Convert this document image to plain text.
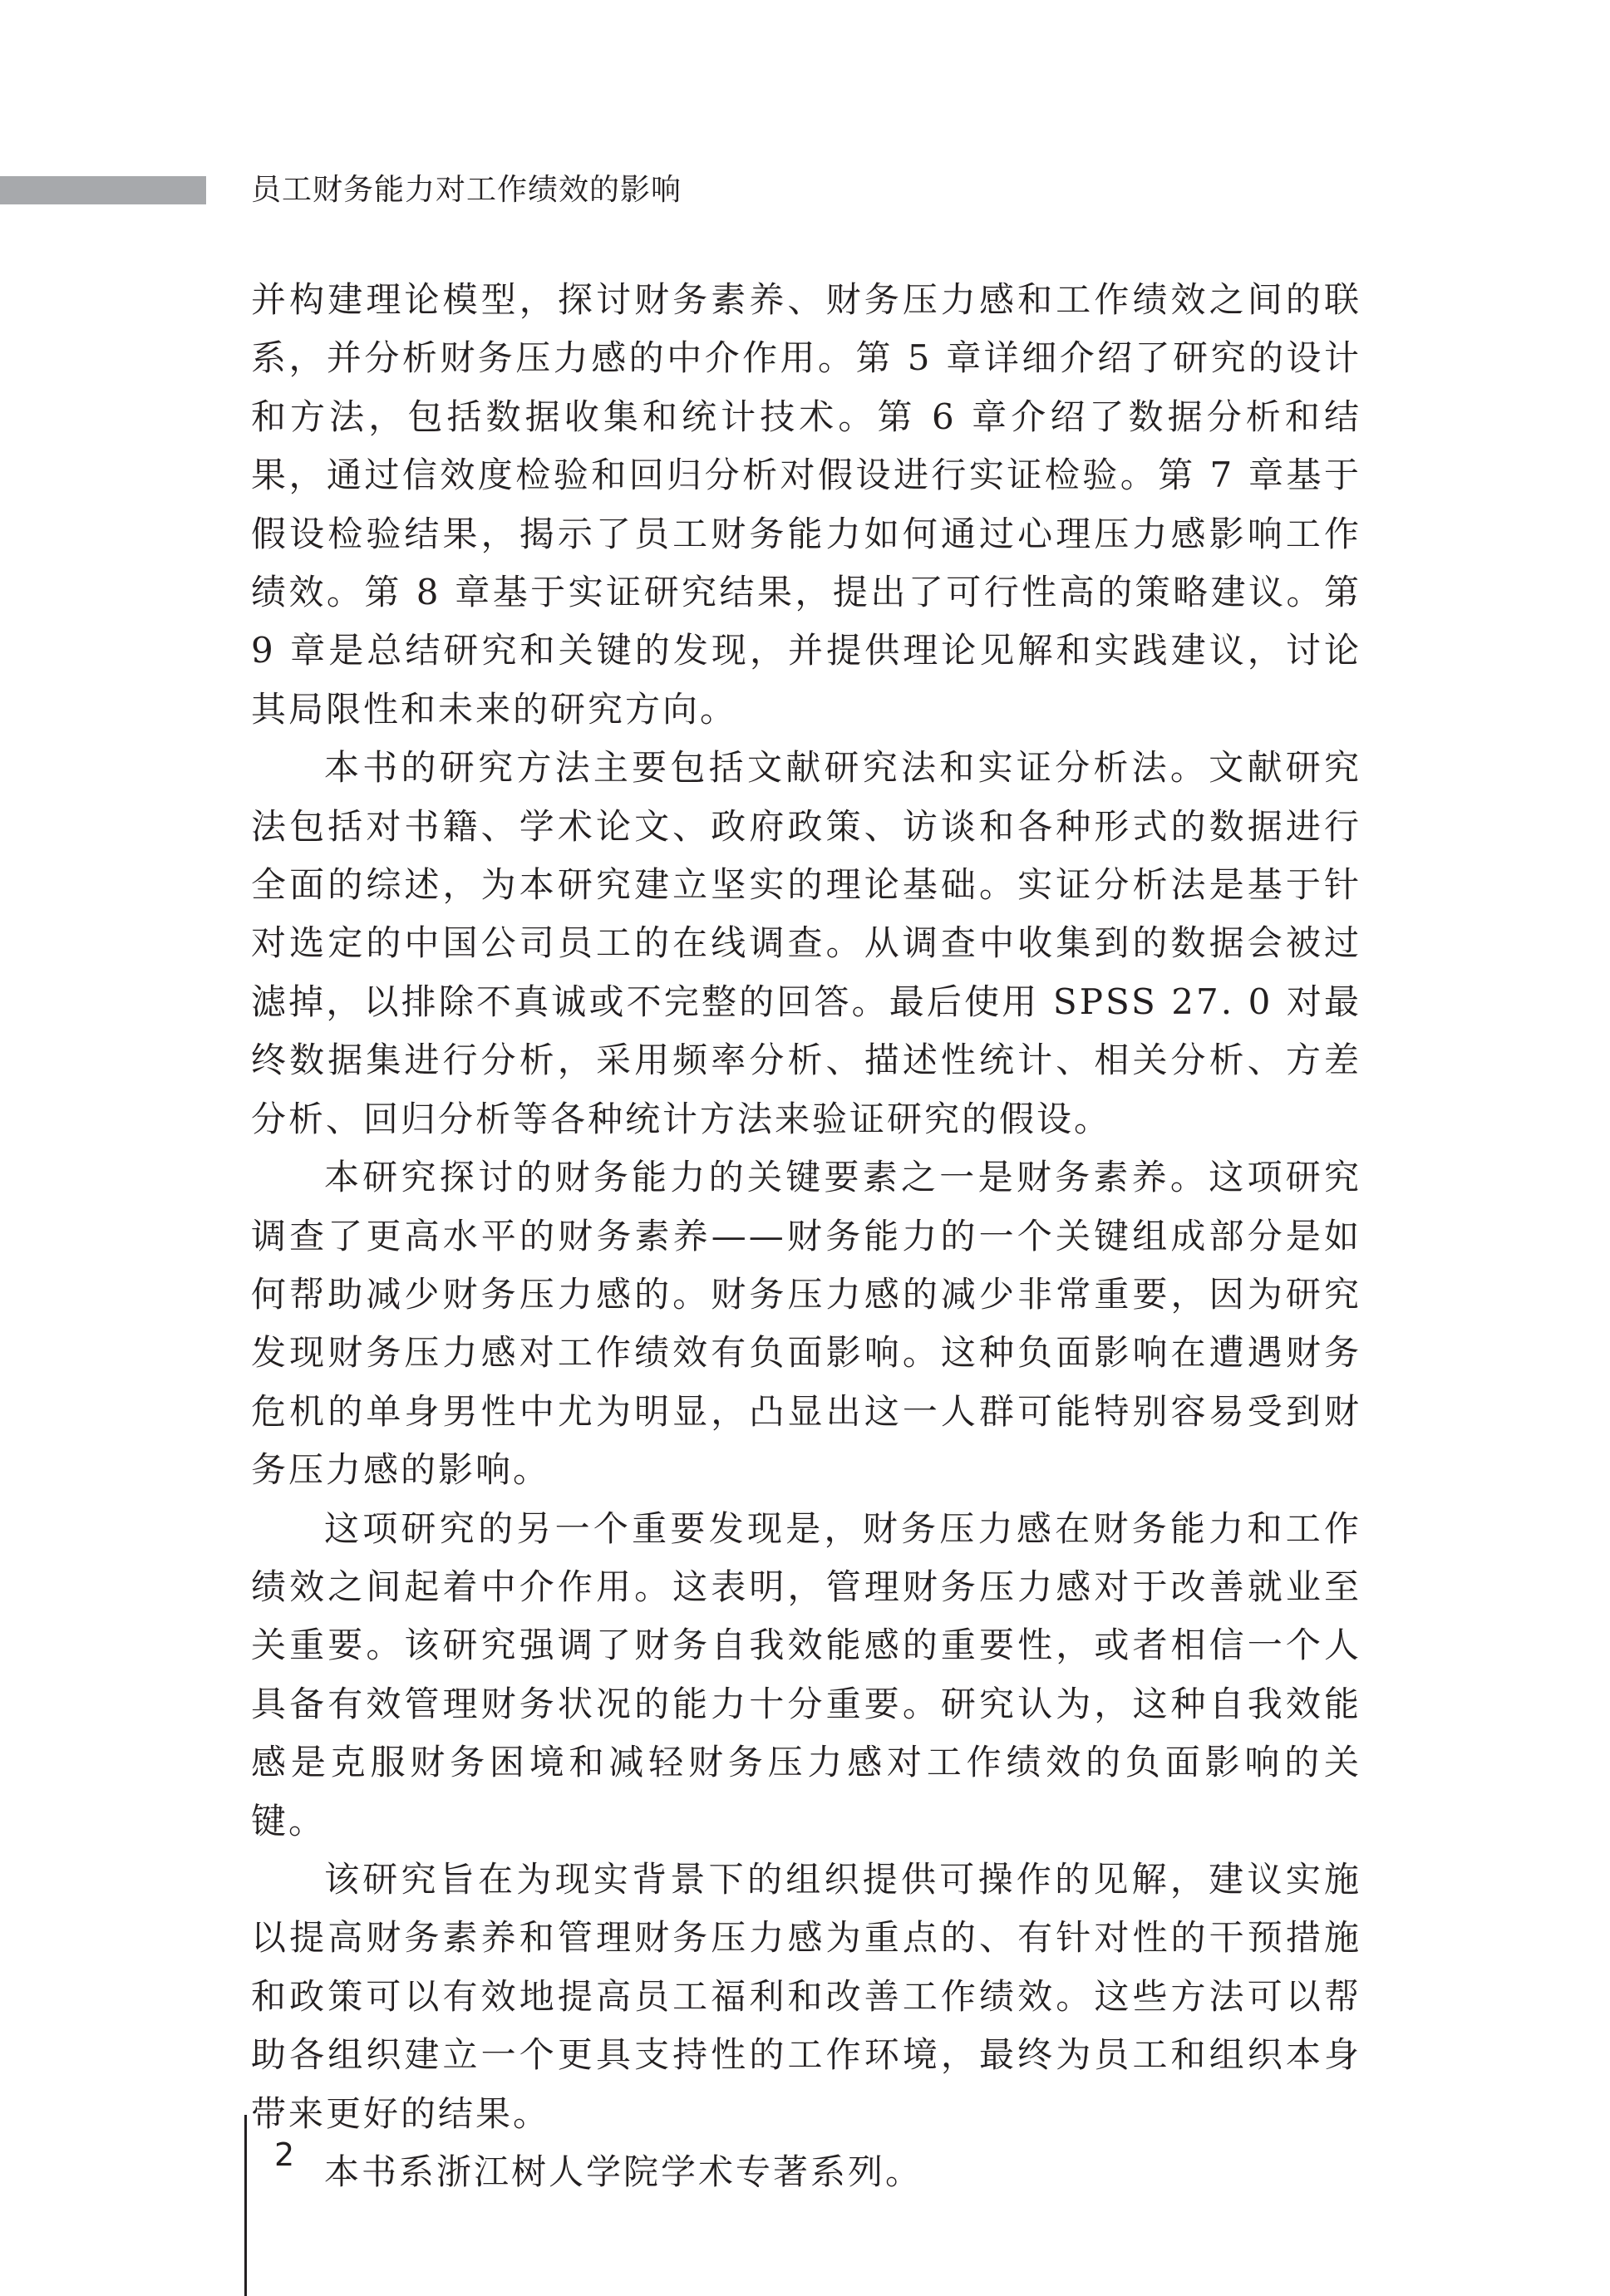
员工财务能力对工作绩效的影响

并构建理论模型，探讨财务素养、财务压力感和工作绩效之间的联系，并分析财务压力感的中介作用。第 5 章详细介绍了研究的设计和方法，包括数据收集和统计技术。第 6 章介绍了数据分析和结果，通过信效度检验和回归分析对假设进行实证检验。第 7 章基于假设检验结果，揭示了员工财务能力如何通过心理压力感影响工作绩效。第 8 章基于实证研究结果，提出了可行性高的策略建议。第 9 章是总结研究和关键的发现，并提供理论见解和实践建议，讨论其局限性和未来的研究方向。

本书的研究方法主要包括文献研究法和实证分析法。文献研究法包括对书籍、学术论文、政府政策、访谈和各种形式的数据进行全面的综述，为本研究建立坚实的理论基础。实证分析法是基于针对选定的中国公司员工的在线调查。从调查中收集到的数据会被过滤掉，以排除不真诚或不完整的回答。最后使用 SPSS 27. 0 对最终数据集进行分析，采用频率分析、描述性统计、相关分析、方差分析、回归分析等各种统计方法来验证研究的假设。

本研究探讨的财务能力的关键要素之一是财务素养。这项研究调查了更高水平的财务素养——财务能力的一个关键组成部分是如何帮助减少财务压力感的。财务压力感的减少非常重要，因为研究发现财务压力感对工作绩效有负面影响。这种负面影响在遭遇财务危机的单身男性中尤为明显，凸显出这一人群可能特别容易受到财务压力感的影响。

这项研究的另一个重要发现是，财务压力感在财务能力和工作绩效之间起着中介作用。这表明，管理财务压力感对于改善就业至关重要。该研究强调了财务自我效能感的重要性，或者相信一个人具备有效管理财务状况的能力十分重要。研究认为，这种自我效能感是克服财务困境和减轻财务压力感对工作绩效的负面影响的关键。

该研究旨在为现实背景下的组织提供可操作的见解，建议实施以提高财务素养和管理财务压力感为重点的、有针对性的干预措施和政策可以有效地提高员工福利和改善工作绩效。这些方法可以帮助各组织建立一个更具支持性的工作环境，最终为员工和组织本身带来更好的结果。

本书系浙江树人学院学术专著系列。

2
